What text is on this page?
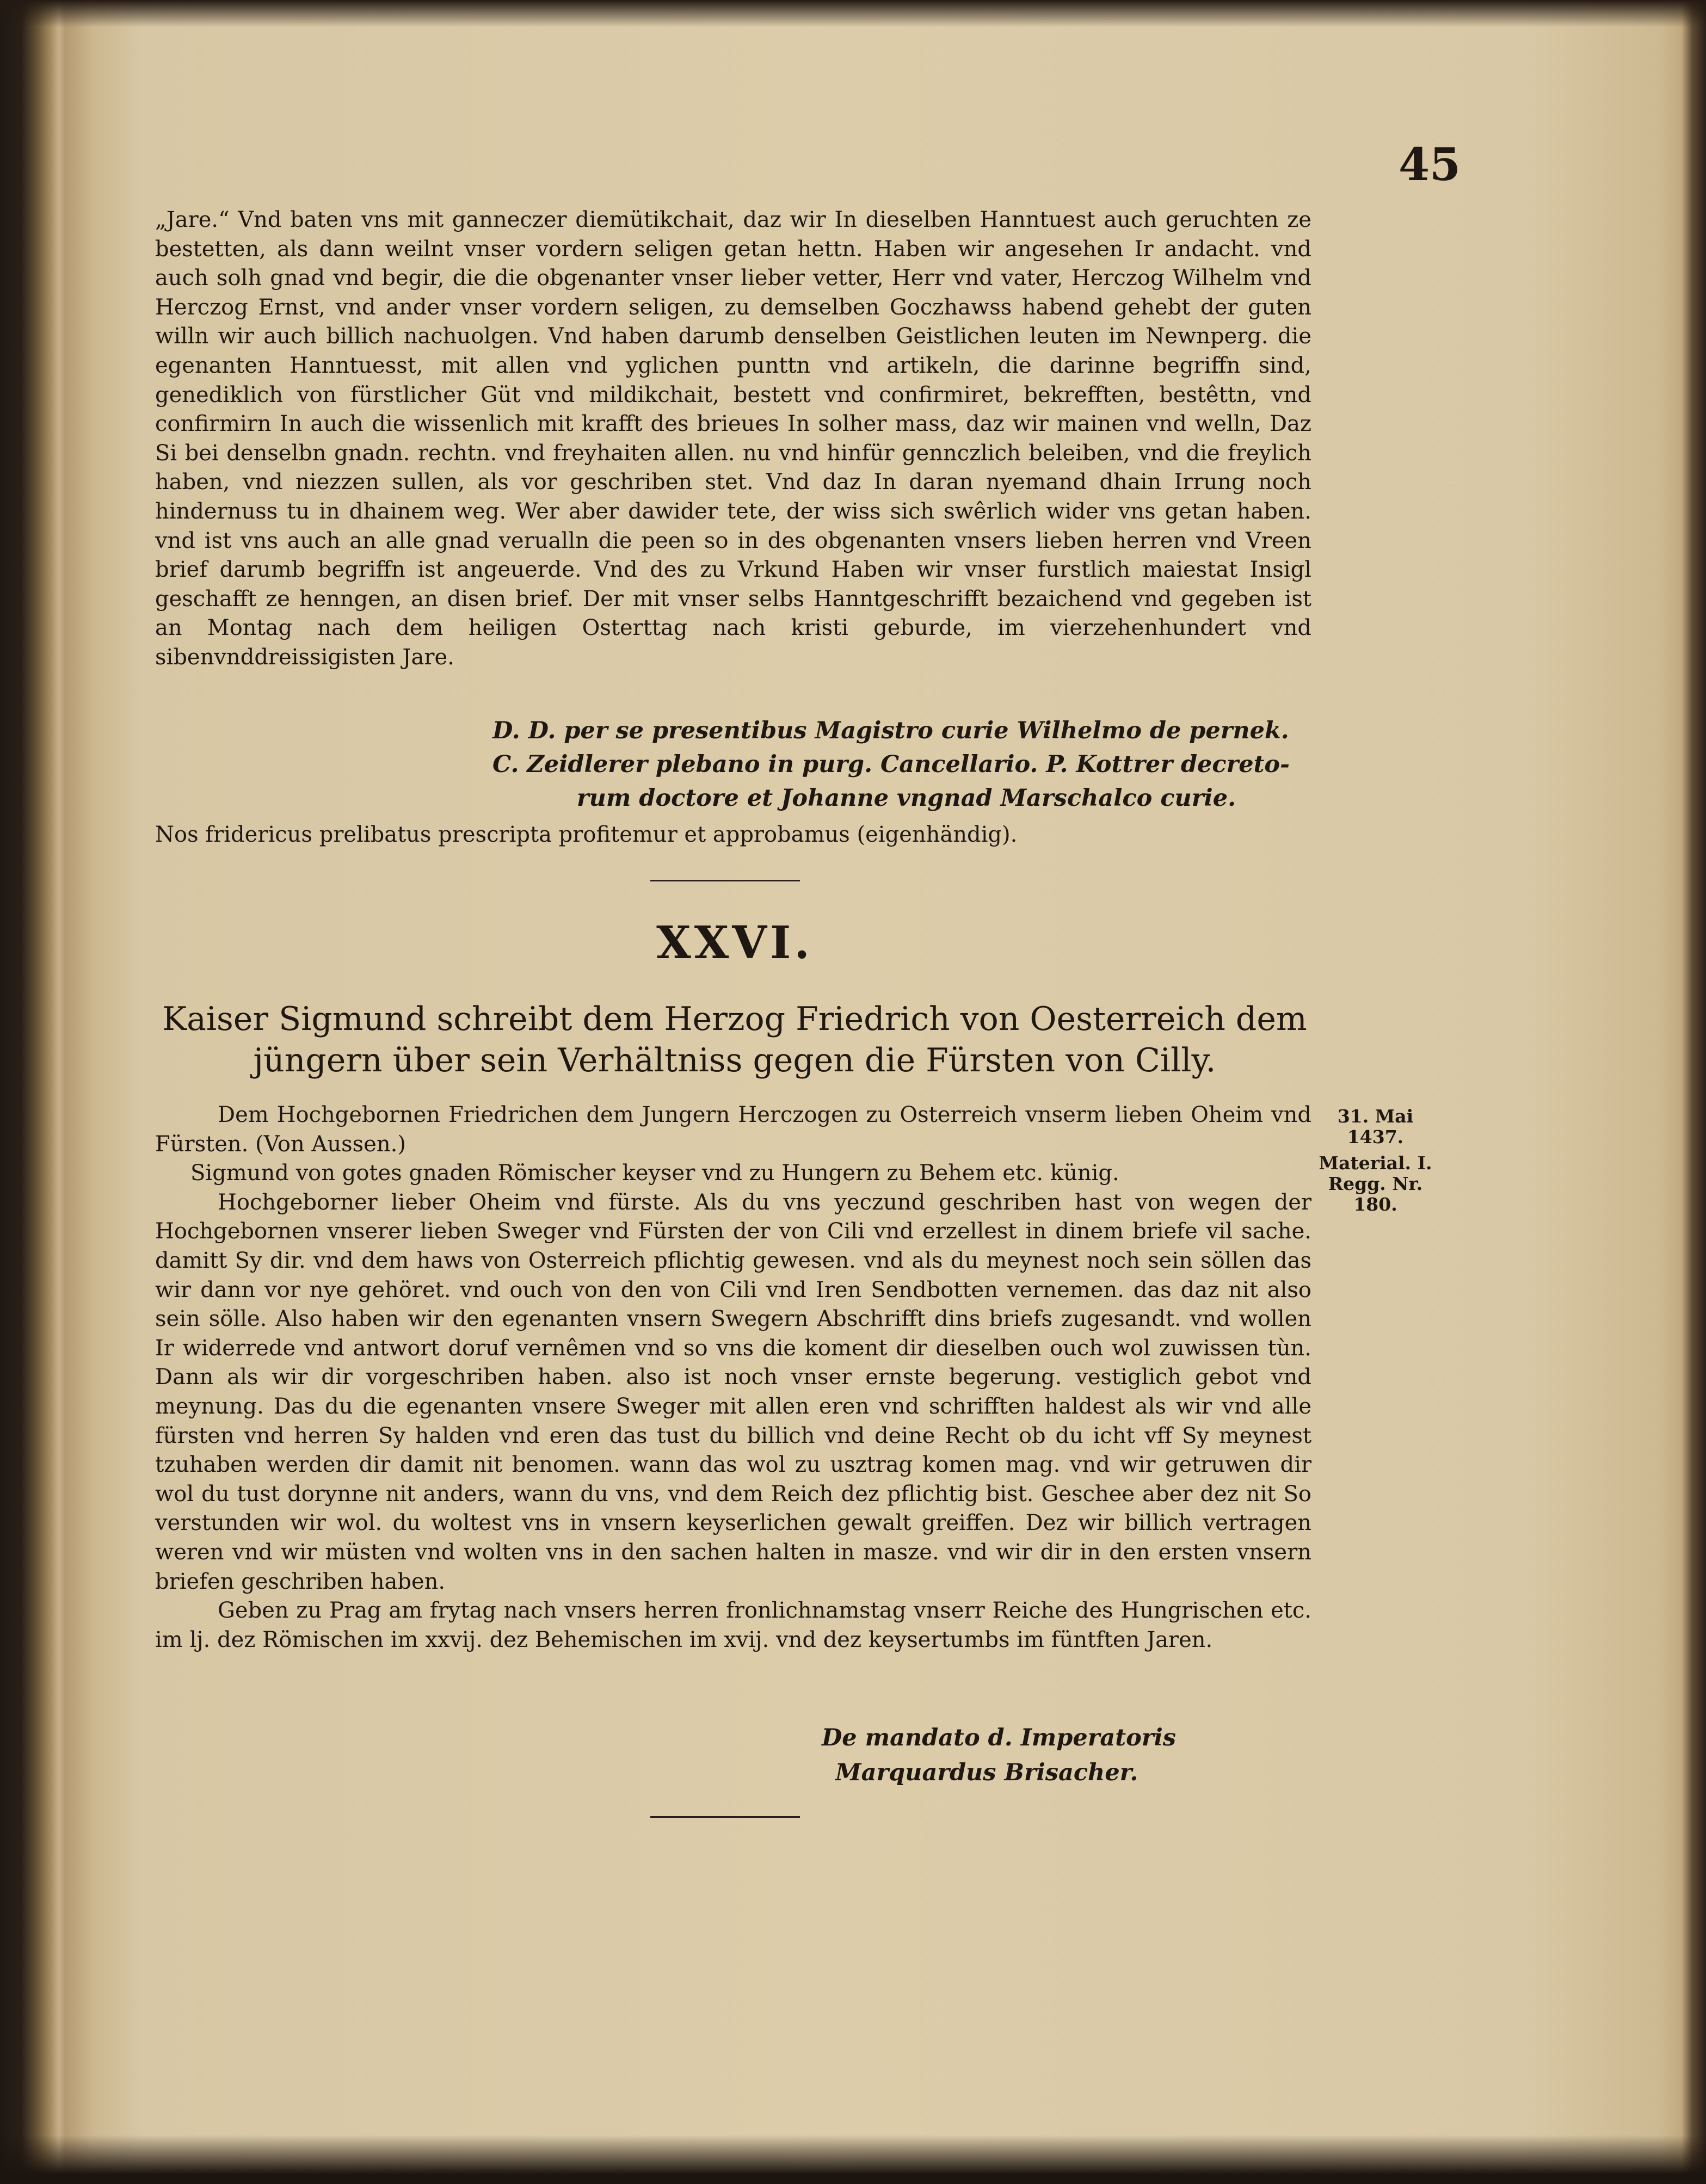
45

„Jare.“ Vnd baten vns mit ganneczer diemütikchait, daz wir In dieselben Hanntuest auch geruchten ze bestetten, als dann weilnt vnser vordern seligen getan hettn. Haben wir angesehen Ir andacht. vnd auch solh gnad vnd begir, die die obgenanter vnser lieber vetter, Herr vnd vater, Herczog Wilhelm vnd Herczog Ernst, vnd ander vnser vordern seligen, zu demselben Goczhawss habend gehebt der guten willn wir auch billich nachuolgen. Vnd haben darumb denselben Geistlichen leuten im Newnperg. die egenanten Hanntuesst, mit allen vnd yglichen punttn vnd artikeln, die darinne begriffn sind, genediklich von fürstlicher Güt vnd mildikchait, bestett vnd confirmiret, bekrefften, bestêttn, vnd confirmirn In auch die wissenlich mit krafft des brieues In solher mass, daz wir mainen vnd welln, Daz Si bei denselbn gnadn. rechtn. vnd freyhaiten allen. nu vnd hinfür gennczlich beleiben, vnd die freylich haben, vnd niezzen sullen, als vor geschriben stet. Vnd daz In daran nyemand dhain Irrung noch hindernuss tu in dhainem weg. Wer aber dawider tete, der wiss sich swêrlich wider vns getan haben. vnd ist vns auch an alle gnad verualln die peen so in des obgenanten vnsers lieben herren vnd Vreen brief darumb begriffn ist angeuerde. Vnd des zu Vrkund Haben wir vnser furstlich maiestat Insigl geschafft ze henngen, an disen brief. Der mit vnser selbs Hanntgeschrifft bezaichend vnd gegeben ist an Montag nach dem heiligen Osterttag nach kristi geburde, im vierzehenhundert vnd sibenvnddreissigisten Jare.

D. D. per se presentibus Magistro curie Wilhelmo de pernek.
C. Zeidlerer plebano in purg. Cancellario. P. Kottrer decreto-
rum doctore et Johanne vngnad Marschalco curie.

Nos fridericus prelibatus prescripta profitemur et approbamus (eigenhändig).

XXVI.

Kaiser Sigmund schreibt dem Herzog Friedrich von Oesterreich dem jüngern über sein Verhältniss gegen die Fürsten von Cilly.

Dem Hochgebornen Friedrichen dem Jungern Herczogen zu Osterreich vnserm lieben Oheim vnd Fürsten. (Von Aussen.)

Sigmund von gotes gnaden Römischer keyser vnd zu Hungern zu Behem etc. künig.

Hochgeborner lieber Oheim vnd fürste. Als du vns yeczund geschriben hast von wegen der Hochgebornen vnserer lieben Sweger vnd Fürsten der von Cili vnd erzellest in dinem briefe vil sache. damitt Sy dir. vnd dem haws von Osterreich pflichtig gewesen. vnd als du meynest noch sein söllen das wir dann vor nye gehöret. vnd ouch von den von Cili vnd Iren Sendbotten vernemen. das daz nit also sein sölle. Also haben wir den egenanten vnsern Swegern Abschrifft dins briefs zugesandt. vnd wollen Ir widerrede vnd antwort doruf vernêmen vnd so vns die koment dir dieselben ouch wol zuwissen tùn. Dann als wir dir vorgeschriben haben. also ist noch vnser ernste begerung. vestiglich gebot vnd meynung. Das du die egenanten vnsere Sweger mit allen eren vnd schrifften haldest als wir vnd alle fürsten vnd herren Sy halden vnd eren das tust du billich vnd deine Recht ob du icht vff Sy meynest tzuhaben werden dir damit nit benomen. wann das wol zu usztrag komen mag. vnd wir getruwen dir wol du tust dorynne nit anders, wann du vns, vnd dem Reich dez pflichtig bist. Geschee aber dez nit So verstunden wir wol. du woltest vns in vnsern keyserlichen gewalt greiffen. Dez wir billich vertragen weren vnd wir müsten vnd wolten vns in den sachen halten in masze. vnd wir dir in den ersten vnsern briefen geschriben haben.

Geben zu Prag am frytag nach vnsers herren fronlichnamstag vnserr Reiche des Hungrischen etc. im lj. dez Römischen im xxvij. dez Behemischen im xvij. vnd dez keysertumbs im füntften Jaren.

De mandato d. Imperatoris
Marquardus Brisacher.
31. Mai
1437.
Material. I.
Regg. Nr. 180.
˴
